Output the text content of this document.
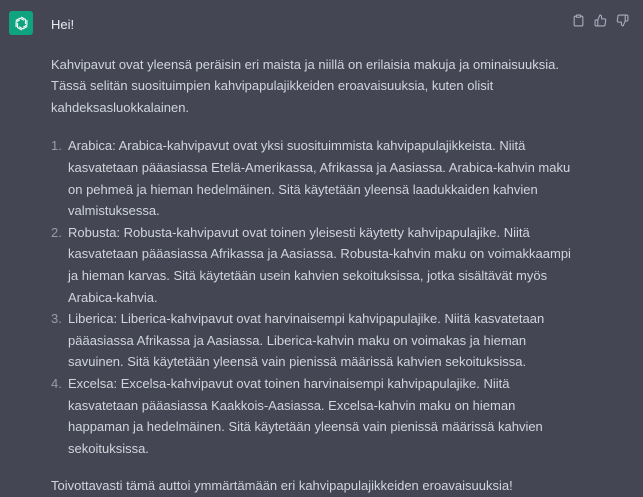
Hei!

Kahvipavut ovat yleensä peräisin eri maista ja niillä on erilaisia makuja ja ominaisuuksia. Tässä selitän suosituimpien kahvipapulajikkeiden eroavaisuuksia, kuten olisit kahdeksasluokkalainen.

1. Arabica: Arabica-kahvipavut ovat yksi suosituimmista kahvipapulajikkeista. Niitä kasvatetaan pääasiassa Etelä-Amerikassa, Afrikassa ja Aasiassa. Arabica-kahvin maku on pehmeä ja hieman hedelmäinen. Sitä käytetään yleensä laadukkaiden kahvien valmistuksessa.
2. Robusta: Robusta-kahvipavut ovat toinen yleisesti käytetty kahvipapulajike. Niitä kasvatetaan pääasiassa Afrikassa ja Aasiassa. Robusta-kahvin maku on voimakkaampi ja hieman karvas. Sitä käytetään usein kahvien sekoituksissa, jotka sisältävät myös Arabica-kahvia.
3. Liberica: Liberica-kahvipavut ovat harvinaisempi kahvipapulajike. Niitä kasvatetaan pääasiassa Afrikassa ja Aasiassa. Liberica-kahvin maku on voimakas ja hieman savuinen. Sitä käytetään yleensä vain pienissä määrissä kahvien sekoituksissa.
4. Excelsa: Excelsa-kahvipavut ovat toinen harvinaisempi kahvipapulajike. Niitä kasvatetaan pääasiassa Kaakkois-Aasiassa. Excelsa-kahvin maku on hieman happaman ja hedelmäinen. Sitä käytetään yleensä vain pienissä määrissä kahvien sekoituksissa.

Toivottavasti tämä auttoi ymmärtämään eri kahvipapulajikkeiden eroavaisuuksia!
